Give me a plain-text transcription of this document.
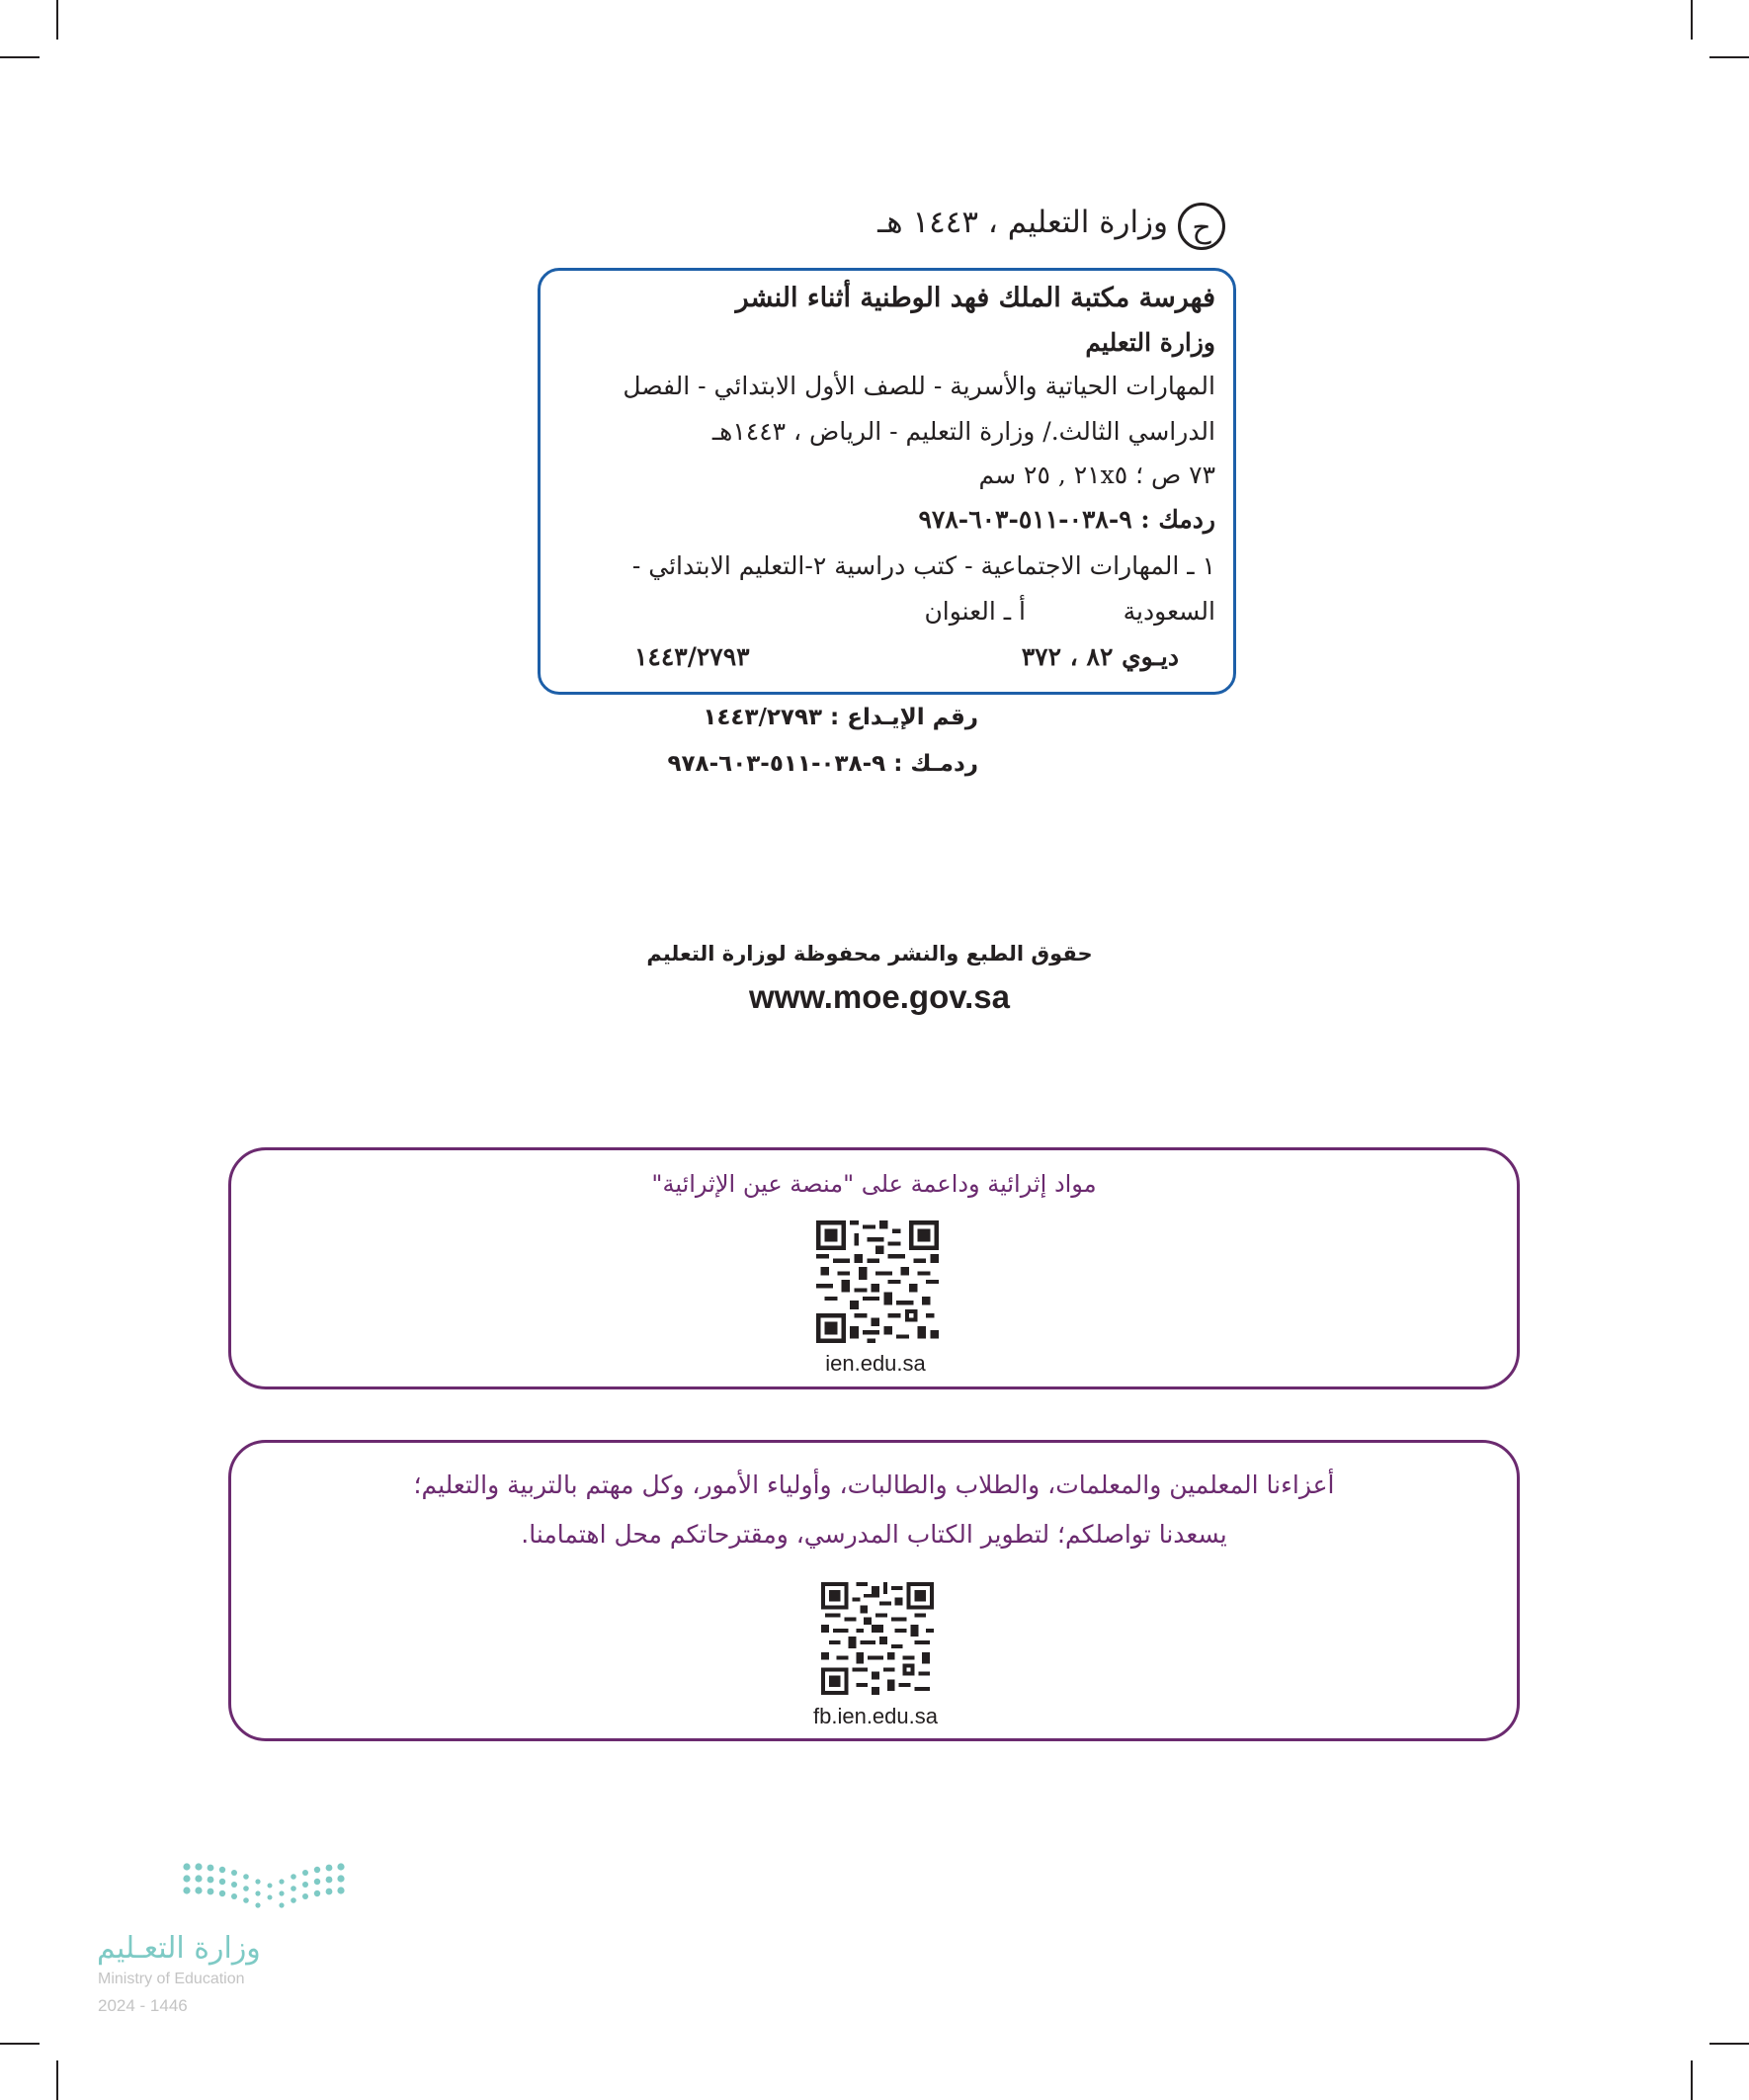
ح
وزارة التعليم ، ١٤٤٣ هـ
فهرسة مكتبة الملك فهد الوطنية أثناء النشر
وزارة التعليم
المهارات الحياتية والأسرية - للصف الأول الابتدائي - الفصل
الدراسي الثالث./ وزارة التعليم - الرياض ، ١٤٤٣هـ
٧٣ ص ؛ ٢١x٥ , ٢٥ سم
ردمك : ٩-٠٣٨-٥١١-٦٠٣-٩٧٨
١ ـ المهارات الاجتماعية - كتب دراسية ٢-التعليم الابتدائي -
السعودية
أ ـ العنوان
ديـوي ٨٢ ، ٣٧٢
١٤٤٣/٢٧٩٣
رقم الإيـداع : ١٤٤٣/٢٧٩٣
ردمـك : ٩-٠٣٨-٥١١-٦٠٣-٩٧٨
حقوق الطبع والنشر محفوظة لوزارة التعليم
www.moe.gov.sa
مواد إثرائية وداعمة على "منصة عين الإثرائية"
ien.edu.sa
أعزاءنا المعلمين والمعلمات، والطلاب والطالبات، وأولياء الأمور، وكل مهتم بالتربية والتعليم؛
يسعدنا تواصلكم؛ لتطوير الكتاب المدرسي، ومقترحاتكم محل اهتمامنا.
fb.ien.edu.sa
وزارة التعـليم
Ministry of Education
2024 - 1446
